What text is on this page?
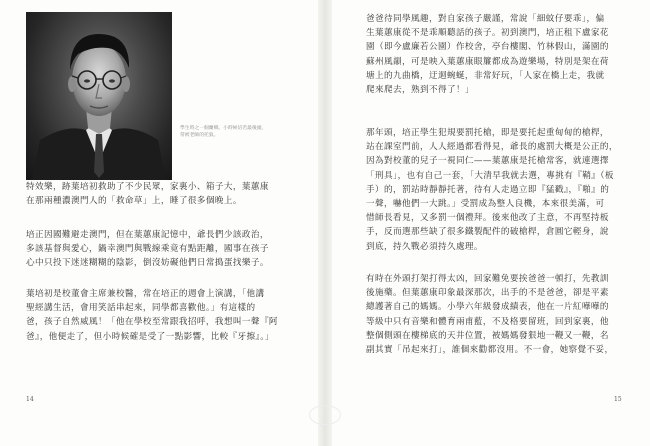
學生時之一個蘭鄉。小時候培若最後頭，常被老師的托狼。
特效樂，跡葉培初救助了不少民眾，家裏小、箱子大，葉蕙康
在那兩種濃澳門人的「救命草」上，睡了很多個晚上。
培正因國難避走澳門，但在葉蕙康記憶中，爺長們少該政治，
多該基督與愛心，鍋幸澳門與戰線乘竟有點距離，國事在孩子
心中只投下迷迷糊糊的陰影，倒沒妨礙他們日常搗蛋找樂子。
葉培初是校董會主席兼校醫，常在培正的週會上演講，「他講
聖經講生活，會用笑話串起來，同學都喜歡他。」有這樣的
爸，孩子自然威風！「他在學校至常跟我招呼，我想叫一聲『阿
爸』，他便走了，但小時候確是受了一點影響，比較『牙擦』。」
14
爸爸待同學風趣，對自家孩子嚴謹，常說「細蚊仔要乖」，偏
生葉蕙康從不是乖順聽話的孩子。初到澳門，培正租下盧家花
園（即今盧廉若公園）作校舍，亭台樓閣、竹林假山，滿園的
蘇州風韻，可是映入葉蕙康眼簾都成為遊樂場，特別是架在荷
塘上的九曲橋，迂迴蜿蜒，非常好玩，「人家在橋上走，我就
爬來爬去，熟到不得了！」
那年頭，培正學生犯規要罰托槍，即是要托起重甸甸的槍桿，
站在課室門前，人人經過都看得見，爺長的處罰大概是公正的，
因為對校董的兒子一視同仁——葉蕙康是托槍常客，就連選擇
「刑具」，也有自己一套，「大清早我就去選，專挑有『鞘』（板
手）的，罰站時靜靜托著，待有人走過立即『猛戳』，『啪』的
一聲，嚇他們一大跳。」受罰成為整人良機，本來很美滿，可
惜師長看見，又多罰一個禮拜。後來他改了主意，不再堅持板
手，反而選那些缺了很多鐵製配件的破槍桿，倉圓它輕身，說
到底，持久戰必須持久處理。
有時在外頭打架打得太凶，回家難免要挨爸爸一頓打，先教訓
後施藥。但葉蕙康印象最深那次，出手的不是爸爸，卻是平素
總護著自己的媽媽。小學六年級發成績表，他在一片紅嘩嘩的
等級中只有音樂和體育兩甫藍，不及格要留班，回到家裏，他
整個側頭在樓梯底的天井位置，被媽媽發狠地一鞭又一鞭，名
副其實「吊起來打」，誰個來勸都沒用。不一會，她察覺不妥，
15
